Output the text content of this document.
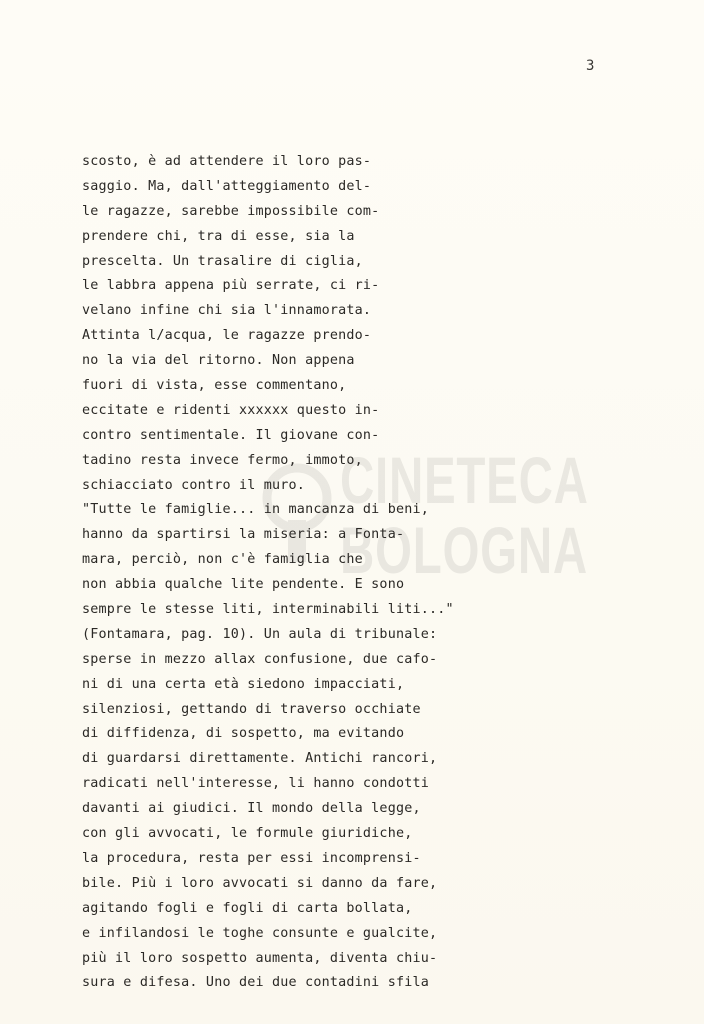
3
CINETECA
BOLOGNA
scosto, è ad attendere il loro pas-
saggio. Ma, dall'atteggiamento del-
le ragazze, sarebbe impossibile com-
prendere chi, tra di esse, sia la
prescelta. Un trasalire di ciglia,
le labbra appena più serrate, ci ri-
velano infine chi sia l'innamorata.
Attinta l/acqua, le ragazze prendo-
no la via del ritorno. Non appena
fuori di vista, esse commentano,
eccitate e ridenti xxxxxx questo in-
contro sentimentale. Il giovane con-
tadino resta invece fermo, immoto,
schiacciato contro il muro.
"Tutte le famiglie... in mancanza di beni,
hanno da spartirsi la miseria: a Fonta-
mara, perciò, non c'è famiglia che
non abbia qualche lite pendente. E sono
sempre le stesse liti, interminabili liti..."
(Fontamara, pag. 10). Un aula di tribunale:
sperse in mezzo allax confusione, due cafo-
ni di una certa età siedono impacciati,
silenziosi, gettando di traverso occhiate
di diffidenza, di sospetto, ma evitando
di guardarsi direttamente. Antichi rancori,
radicati nell'interesse, li hanno condotti
davanti ai giudici. Il mondo della legge,
con gli avvocati, le formule giuridiche,
la procedura, resta per essi incomprensi-
bile. Più i loro avvocati si danno da fare,
agitando fogli e fogli di carta bollata,
e infilandosi le toghe consunte e gualcite,
più il loro sospetto aumenta, diventa chiu-
sura e difesa. Uno dei due contadini sfila
